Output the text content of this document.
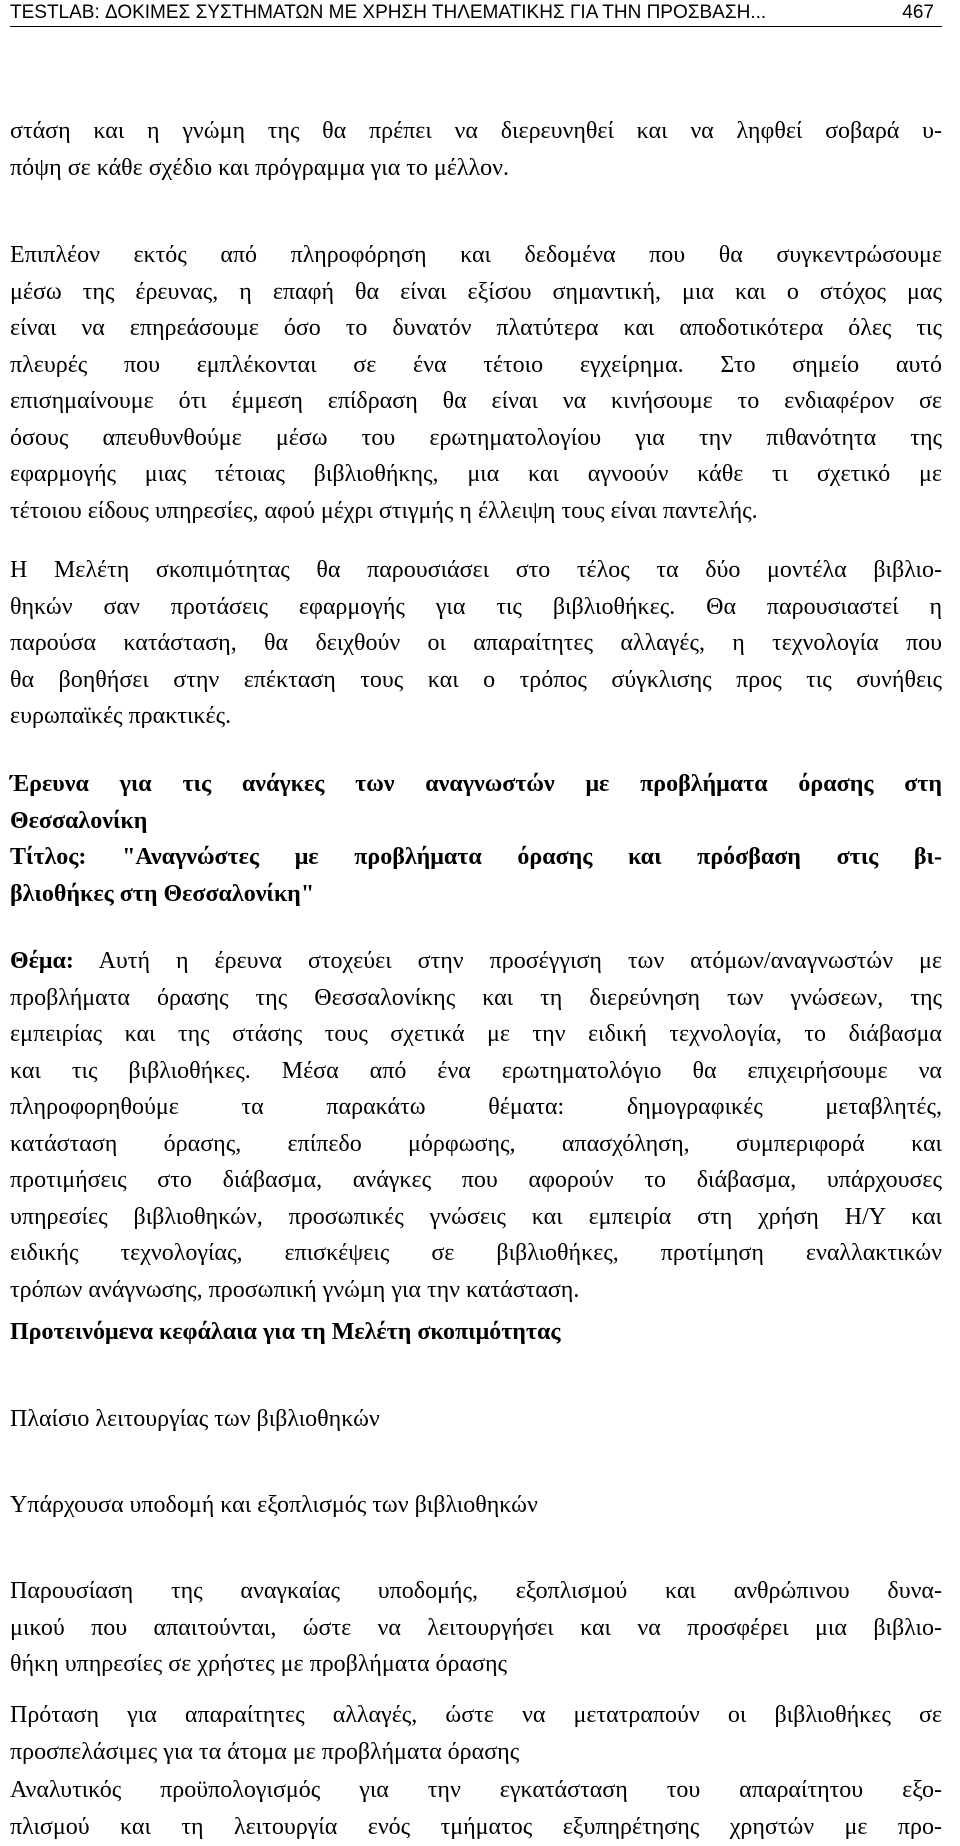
TESTLAB: ΔΟΚΙΜΕΣ ΣΥΣΤΗΜΑΤΩΝ ΜΕ ΧΡΗΣΗ ΤΗΛΕΜΑΤΙΚΗΣ ΓΙΑ ΤΗΝ ΠΡΟΣΒΑΣΗ...	467
στάση και η γνώμη της θα πρέπει να διερευνηθεί και να ληφθεί σοβαρά υ-
πόψη σε κάθε σχέδιο και πρόγραμμα για το μέλλον.
Επιπλέον εκτός από πληροφόρηση και δεδομένα που θα συγκεντρώσουμε
μέσω της έρευνας, η επαφή θα είναι εξίσου σημαντική, μια και ο στόχος μας
είναι να επηρεάσουμε όσο το δυνατόν πλατύτερα και αποδοτικότερα όλες τις
πλευρές που εμπλέκονται σε ένα τέτοιο εγχείρημα. Στο σημείο αυτό
επισημαίνουμε ότι έμμεση επίδραση θα είναι να κινήσουμε το ενδιαφέρον σε
όσους απευθυνθούμε μέσω του ερωτηματολογίου για την πιθανότητα της
εφαρμογής μιας τέτοιας βιβλιοθήκης, μια και αγνοούν κάθε τι σχετικό με
τέτοιου είδους υπηρεσίες, αφού μέχρι στιγμής η έλλειψη τους είναι παντελής.
Η Μελέτη σκοπιμότητας θα παρουσιάσει στο τέλος τα δύο μοντέλα βιβλιο-
θηκών σαν προτάσεις εφαρμογής για τις βιβλιοθήκες. Θα παρουσιαστεί η
παρούσα κατάσταση, θα δειχθούν οι απαραίτητες αλλαγές, η τεχνολογία που
θα βοηθήσει στην επέκταση τους και ο τρόπος σύγκλισης προς τις συνήθεις
ευρωπαϊκές πρακτικές.
Έρευνα για τις ανάγκες των αναγνωστών με προβλήματα όρασης στη
Θεσσαλονίκη
Τίτλος: "Αναγνώστες με προβλήματα όρασης και πρόσβαση στις βι-
βλιοθήκες στη Θεσσαλονίκη"
Θέμα: Αυτή η έρευνα στοχεύει στην προσέγγιση των ατόμων/αναγνωστών με
προβλήματα όρασης της Θεσσαλονίκης και τη διερεύνηση των γνώσεων, της
εμπειρίας και της στάσης τους σχετικά με την ειδική τεχνολογία, το διάβασμα
και τις βιβλιοθήκες. Μέσα από ένα ερωτηματολόγιο θα επιχειρήσουμε να
πληροφορηθούμε τα παρακάτω θέματα: δημογραφικές μεταβλητές,
κατάσταση όρασης, επίπεδο μόρφωσης, απασχόληση, συμπεριφορά και
προτιμήσεις στο διάβασμα, ανάγκες που αφορούν το διάβασμα, υπάρχουσες
υπηρεσίες βιβλιοθηκών, προσωπικές γνώσεις και εμπειρία στη χρήση Η/Υ και
ειδικής τεχνολογίας, επισκέψεις σε βιβλιοθήκες, προτίμηση εναλλακτικών
τρόπων ανάγνωσης, προσωπική γνώμη για την κατάσταση.
Προτεινόμενα κεφάλαια για τη Μελέτη σκοπιμότητας
Πλαίσιο λειτουργίας των βιβλιοθηκών
Υπάρχουσα υποδομή και εξοπλισμός των βιβλιοθηκών
Παρουσίαση της αναγκαίας υποδομής, εξοπλισμού και ανθρώπινου δυνα-
μικού που απαιτούνται, ώστε να λειτουργήσει και να προσφέρει μια βιβλιο-
θήκη υπηρεσίες σε χρήστες με προβλήματα όρασης
Πρόταση για απαραίτητες αλλαγές, ώστε να μετατραπούν οι βιβλιοθήκες σε
προσπελάσιμες για τα άτομα με προβλήματα όρασης
Αναλυτικός προϋπολογισμός για την εγκατάσταση του απαραίτητου εξο-
πλισμού και τη λειτουργία ενός τμήματος εξυπηρέτησης χρηστών με προ-
